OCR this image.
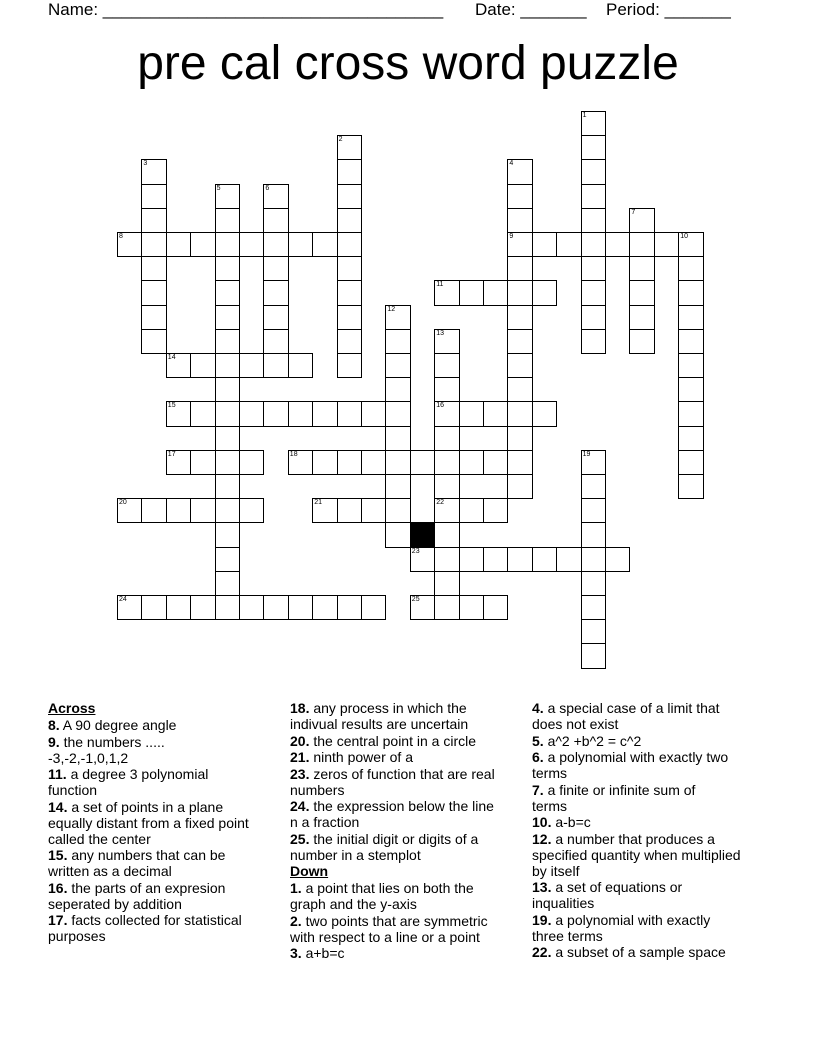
Name: ____________________________________ Date: _______ Period: _______
pre cal cross word puzzle
1
2
3	4
9
5	6
7
8	10
11
12
13
16
22
14
15
17	18	19
20	21
23
24	25
Across

8. A 90 degree angle

9. the numbers .....
-3,-2,-1,0,1,2

11. a degree 3 polynomial
function

14. a set of points in a plane
equally distant from a fixed point
called the center

15. any numbers that can be
written as a decimal

16. the parts of an expresion
seperated by addition

17. facts collected for statistical
purposes

18. any process in which the
indivual results are uncertain

20. the central point in a circle

21. ninth power of a

23. zeros of function that are real
numbers

24. the expression below the line
n a fraction

25. the initial digit or digits of a
number in a stemplot

Down

1. a point that lies on both the
graph and the y-axis

2. two points that are symmetric
with respect to a line or a point

3. a+b=c

4. a special case of a limit that
does not exist

5. a^2 +b^2 = c^2

6. a polynomial with exactly two
terms

7. a finite or infinite sum of
terms

10. a-b=c

12. a number that produces a
specified quantity when multiplied
by itself

13. a set of equations or
inqualities

19. a polynomial with exactly
three terms

22. a subset of a sample space
